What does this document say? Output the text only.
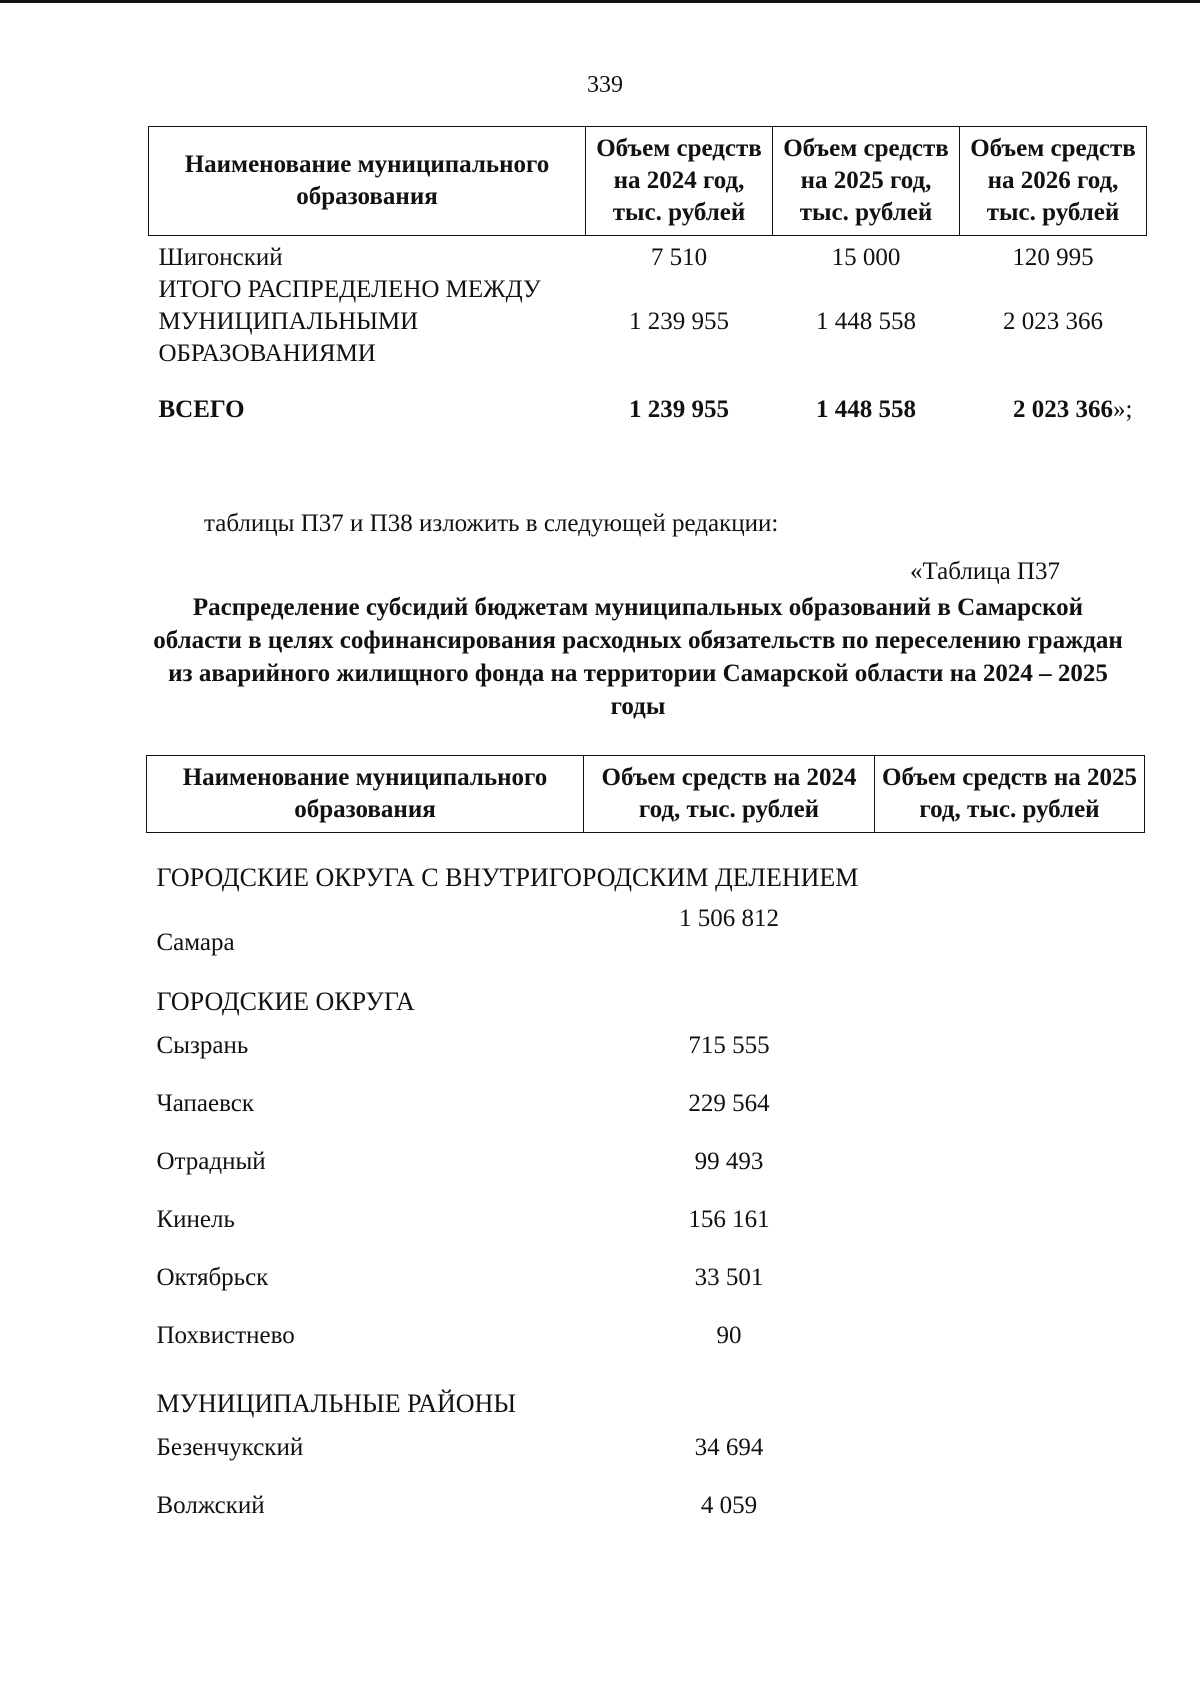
339
Наименование муниципального образования	Объем средств на 2024 год, тыс. рублей	Объем средств на 2025 год, тыс. рублей	Объем средств на 2026 год, тыс. рублей
Шигонский	7 510	15 000	120 995
ИТОГО РАСПРЕДЕЛЕНО МЕЖДУ МУНИЦИПАЛЬНЫМИ ОБРАЗОВАНИЯМИ	1 239 955	1 448 558	2 023 366
ВСЕГО	1 239 955	1 448 558	2 023 366»;
таблицы П37 и П38 изложить в следующей редакции:
«Таблица П37
Распределение субсидий бюджетам муниципальных образований в Самарской области в целях софинансирования расходных обязательств по переселению граждан из аварийного жилищного фонда на территории Самарской области на 2024 – 2025 годы
Наименование муниципального образования	Объем средств на 2024 год, тыс. рублей	Объем средств на 2025 год, тыс. рублей
ГОРОДСКИЕ ОКРУГА С ВНУТРИГОРОДСКИМ ДЕЛЕНИЕМ		
Самара	1 506 812	
ГОРОДСКИЕ ОКРУГА		
Сызрань	715 555	
Чапаевск	229 564	
Отрадный	99 493	
Кинель	156 161	
Октябрьск	33 501	
Похвистнево	90	
МУНИЦИПАЛЬНЫЕ РАЙОНЫ		
Безенчукский	34 694	
Волжский	4 059	
